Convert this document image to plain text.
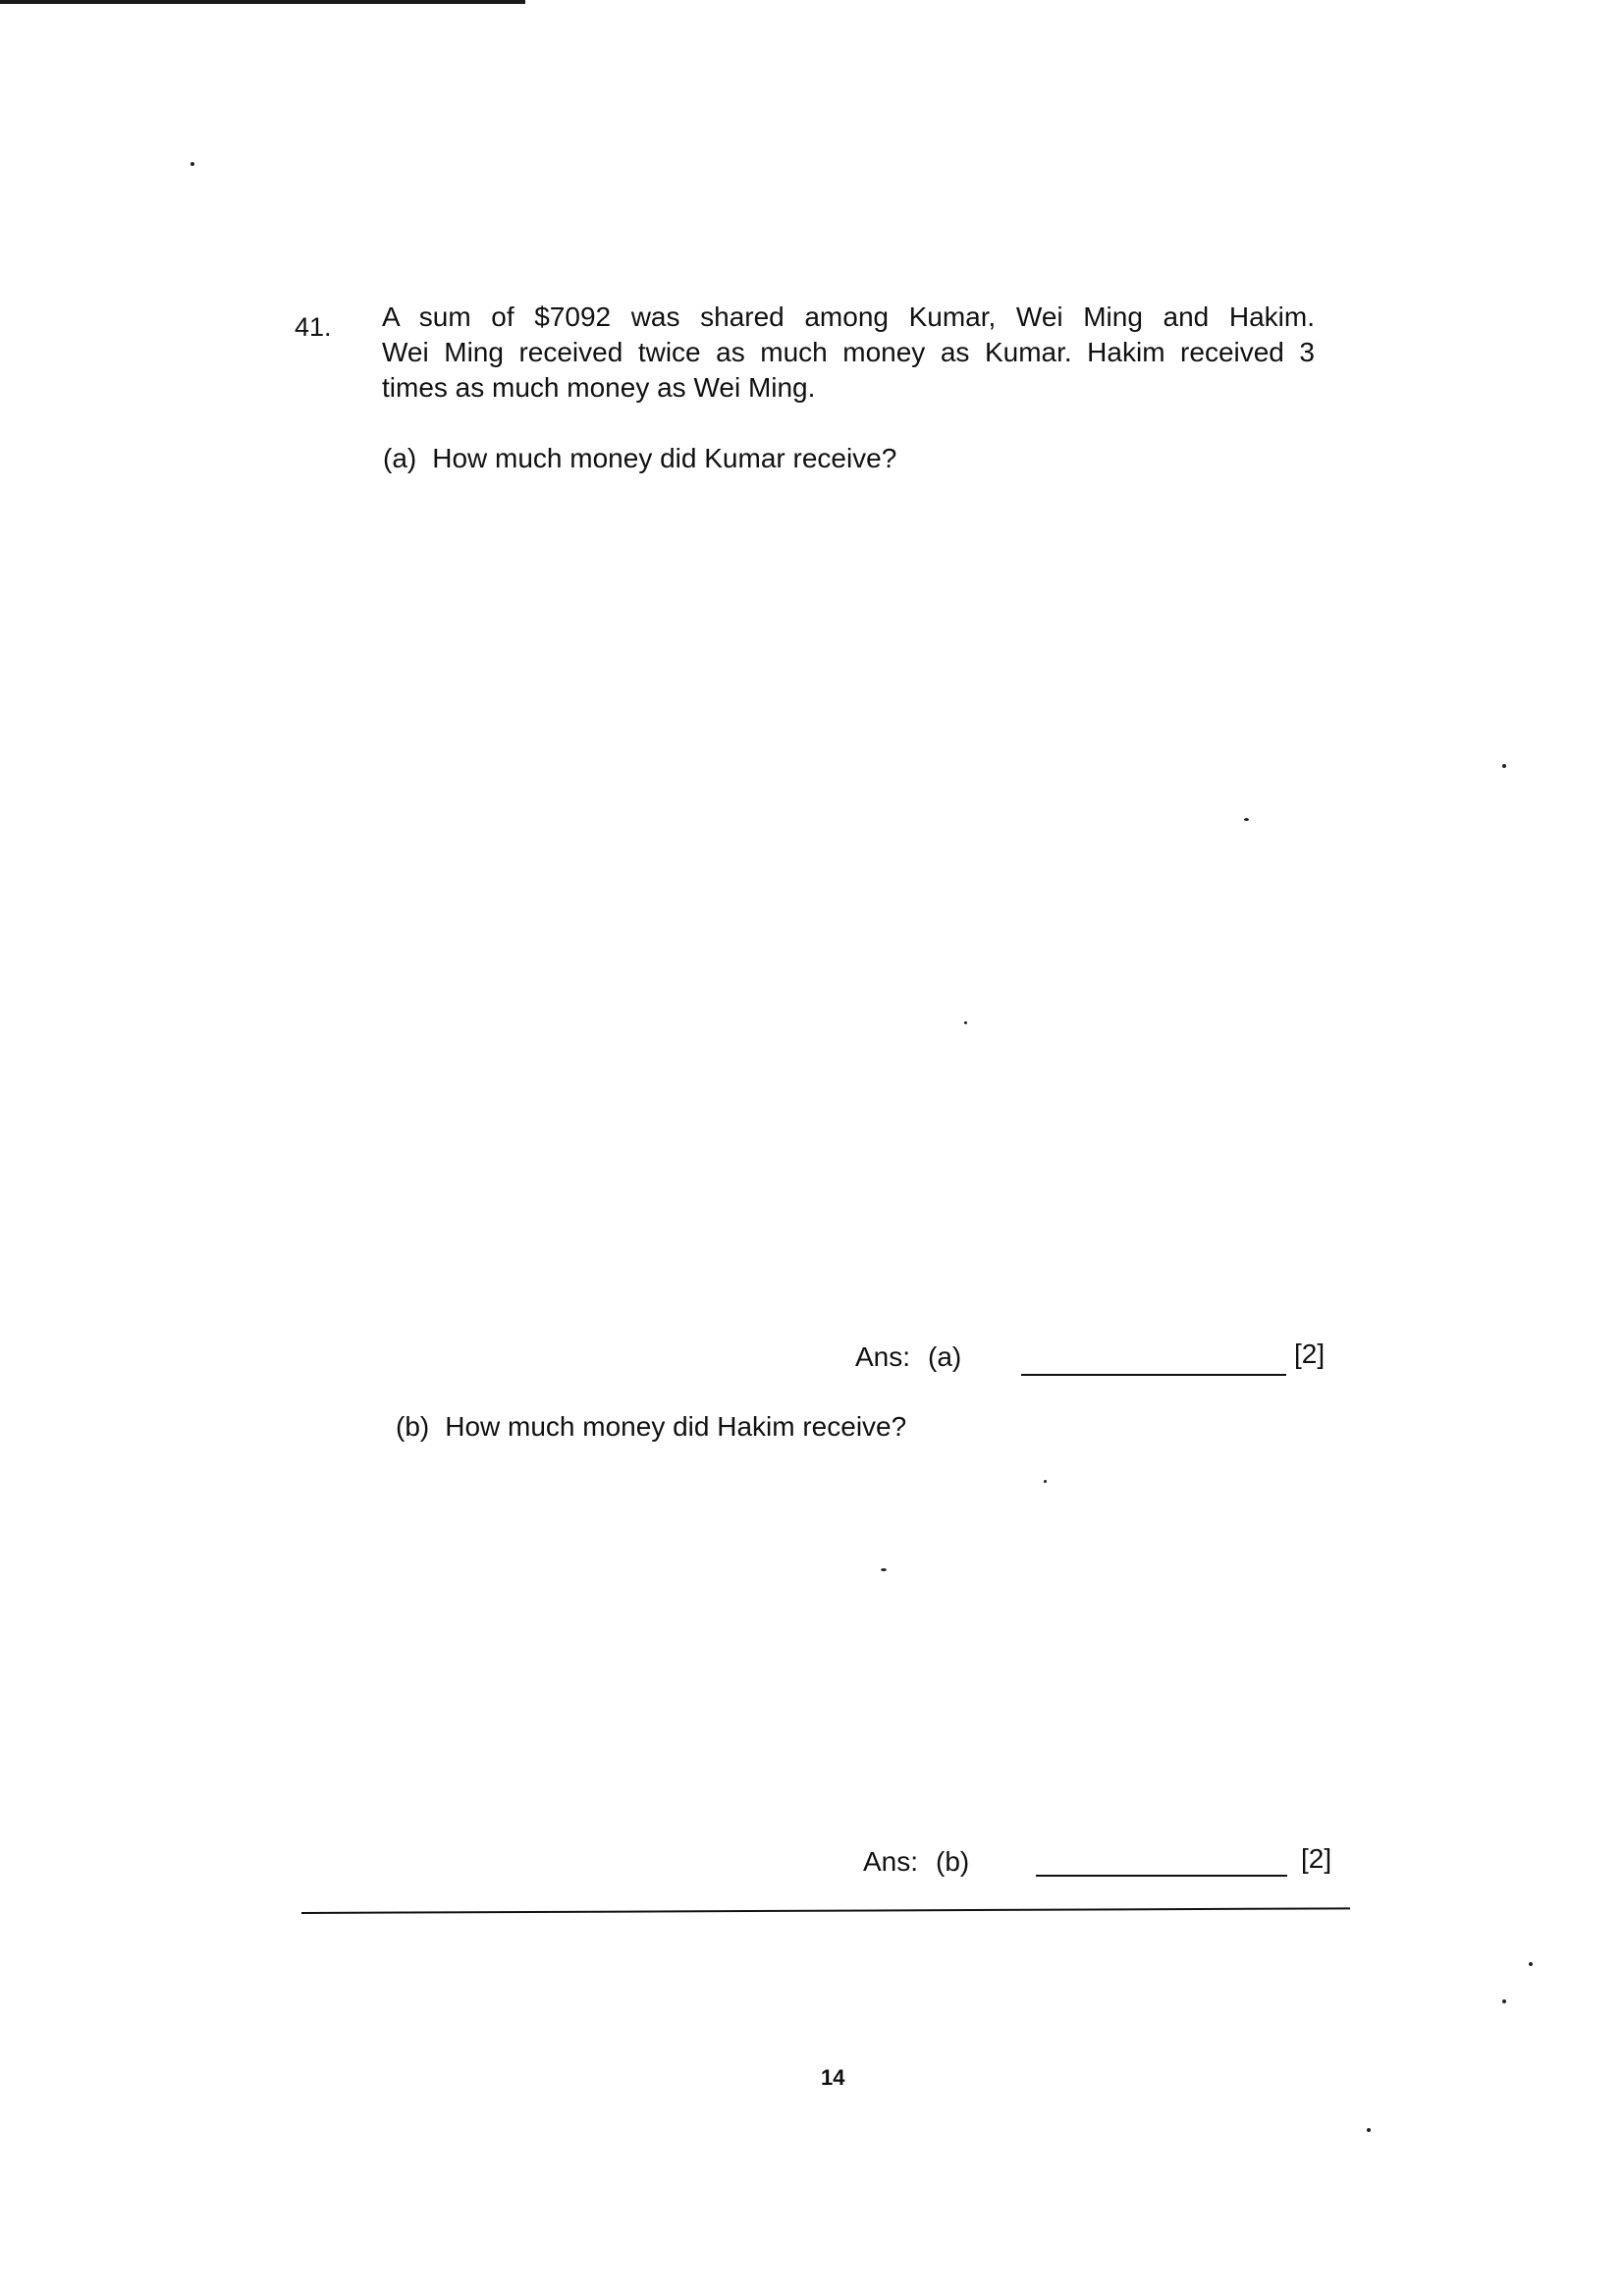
41. A sum of $7092 was shared among Kumar, Wei Ming and Hakim.
Wei Ming received twice as much money as Kumar. Hakim received 3
times as much money as Wei Ming.
(a) How much money did Kumar receive?
Ans: (a)	[2]
(b) How much money did Hakim receive?
Ans: (b)	[2]
14
